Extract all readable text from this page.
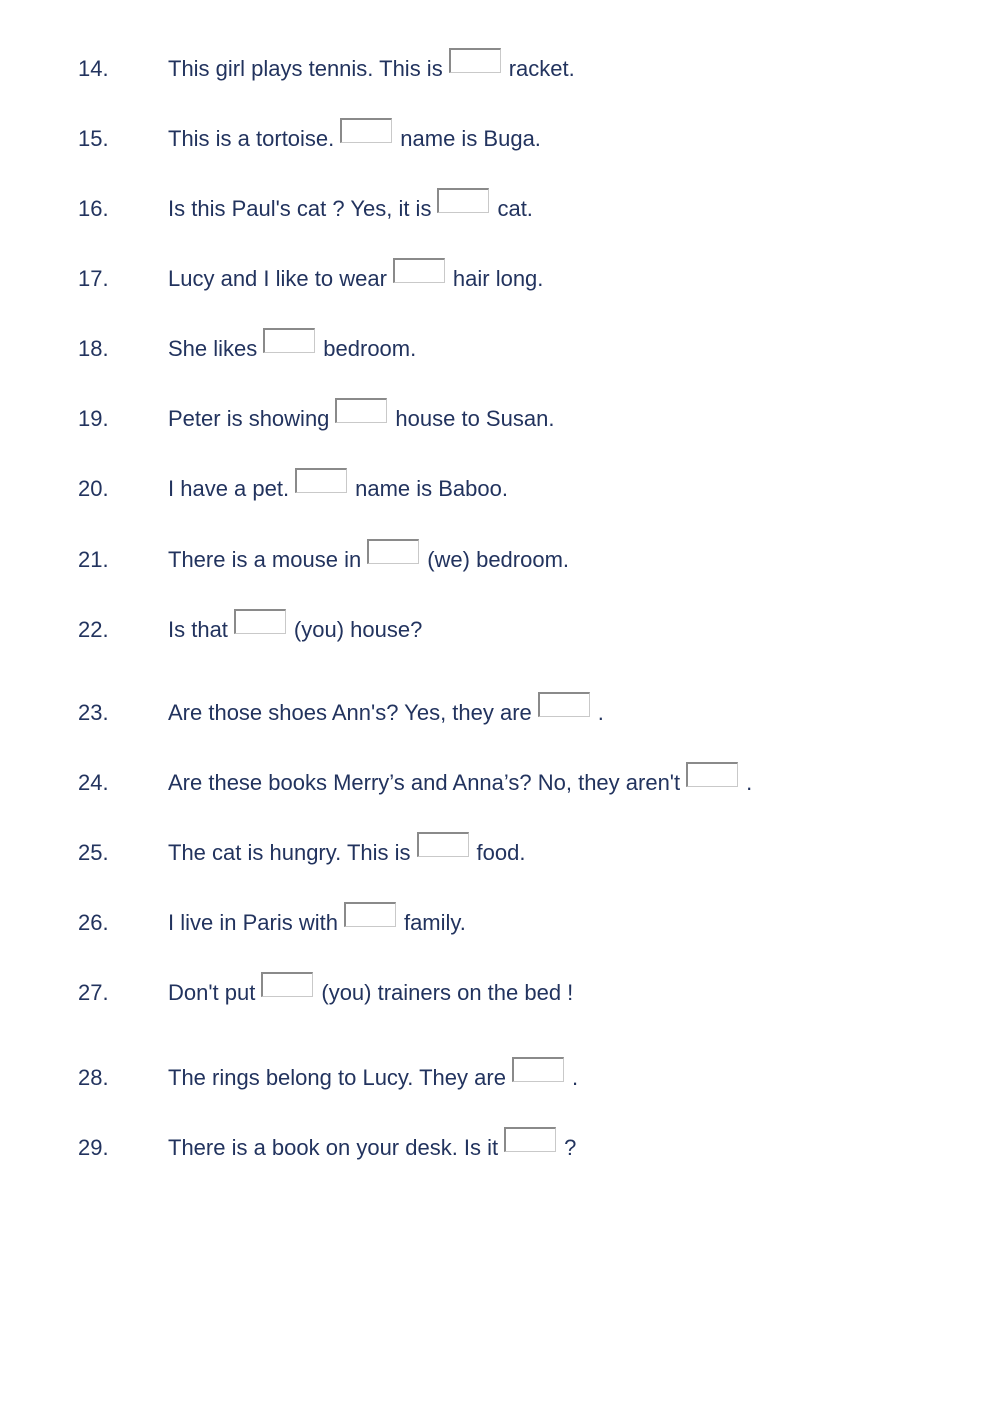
14.	This girl plays tennis. This is	racket.
15.	This is a tortoise.	name is Buga.
16.	Is this Paul's cat ? Yes, it is	cat.
17.	Lucy and I like to wear	hair long.
18.	She likes	bedroom.
19.	Peter is showing	house to Susan.
20.	I have a pet.	name is Baboo.
21.	There is a mouse in	(we) bedroom.
22.	Is that	(you) house?
23.	Are those shoes Ann's? Yes, they are	.
24.	Are these books Merry’s and Anna’s? No, they aren't	.
25.	The cat is hungry. This is	food.
26.	I live in Paris with	family.
27.	Don't put	(you) trainers on the bed !
28.	The rings belong to Lucy. They are	.
29.	There is a book on your desk. Is it	?
